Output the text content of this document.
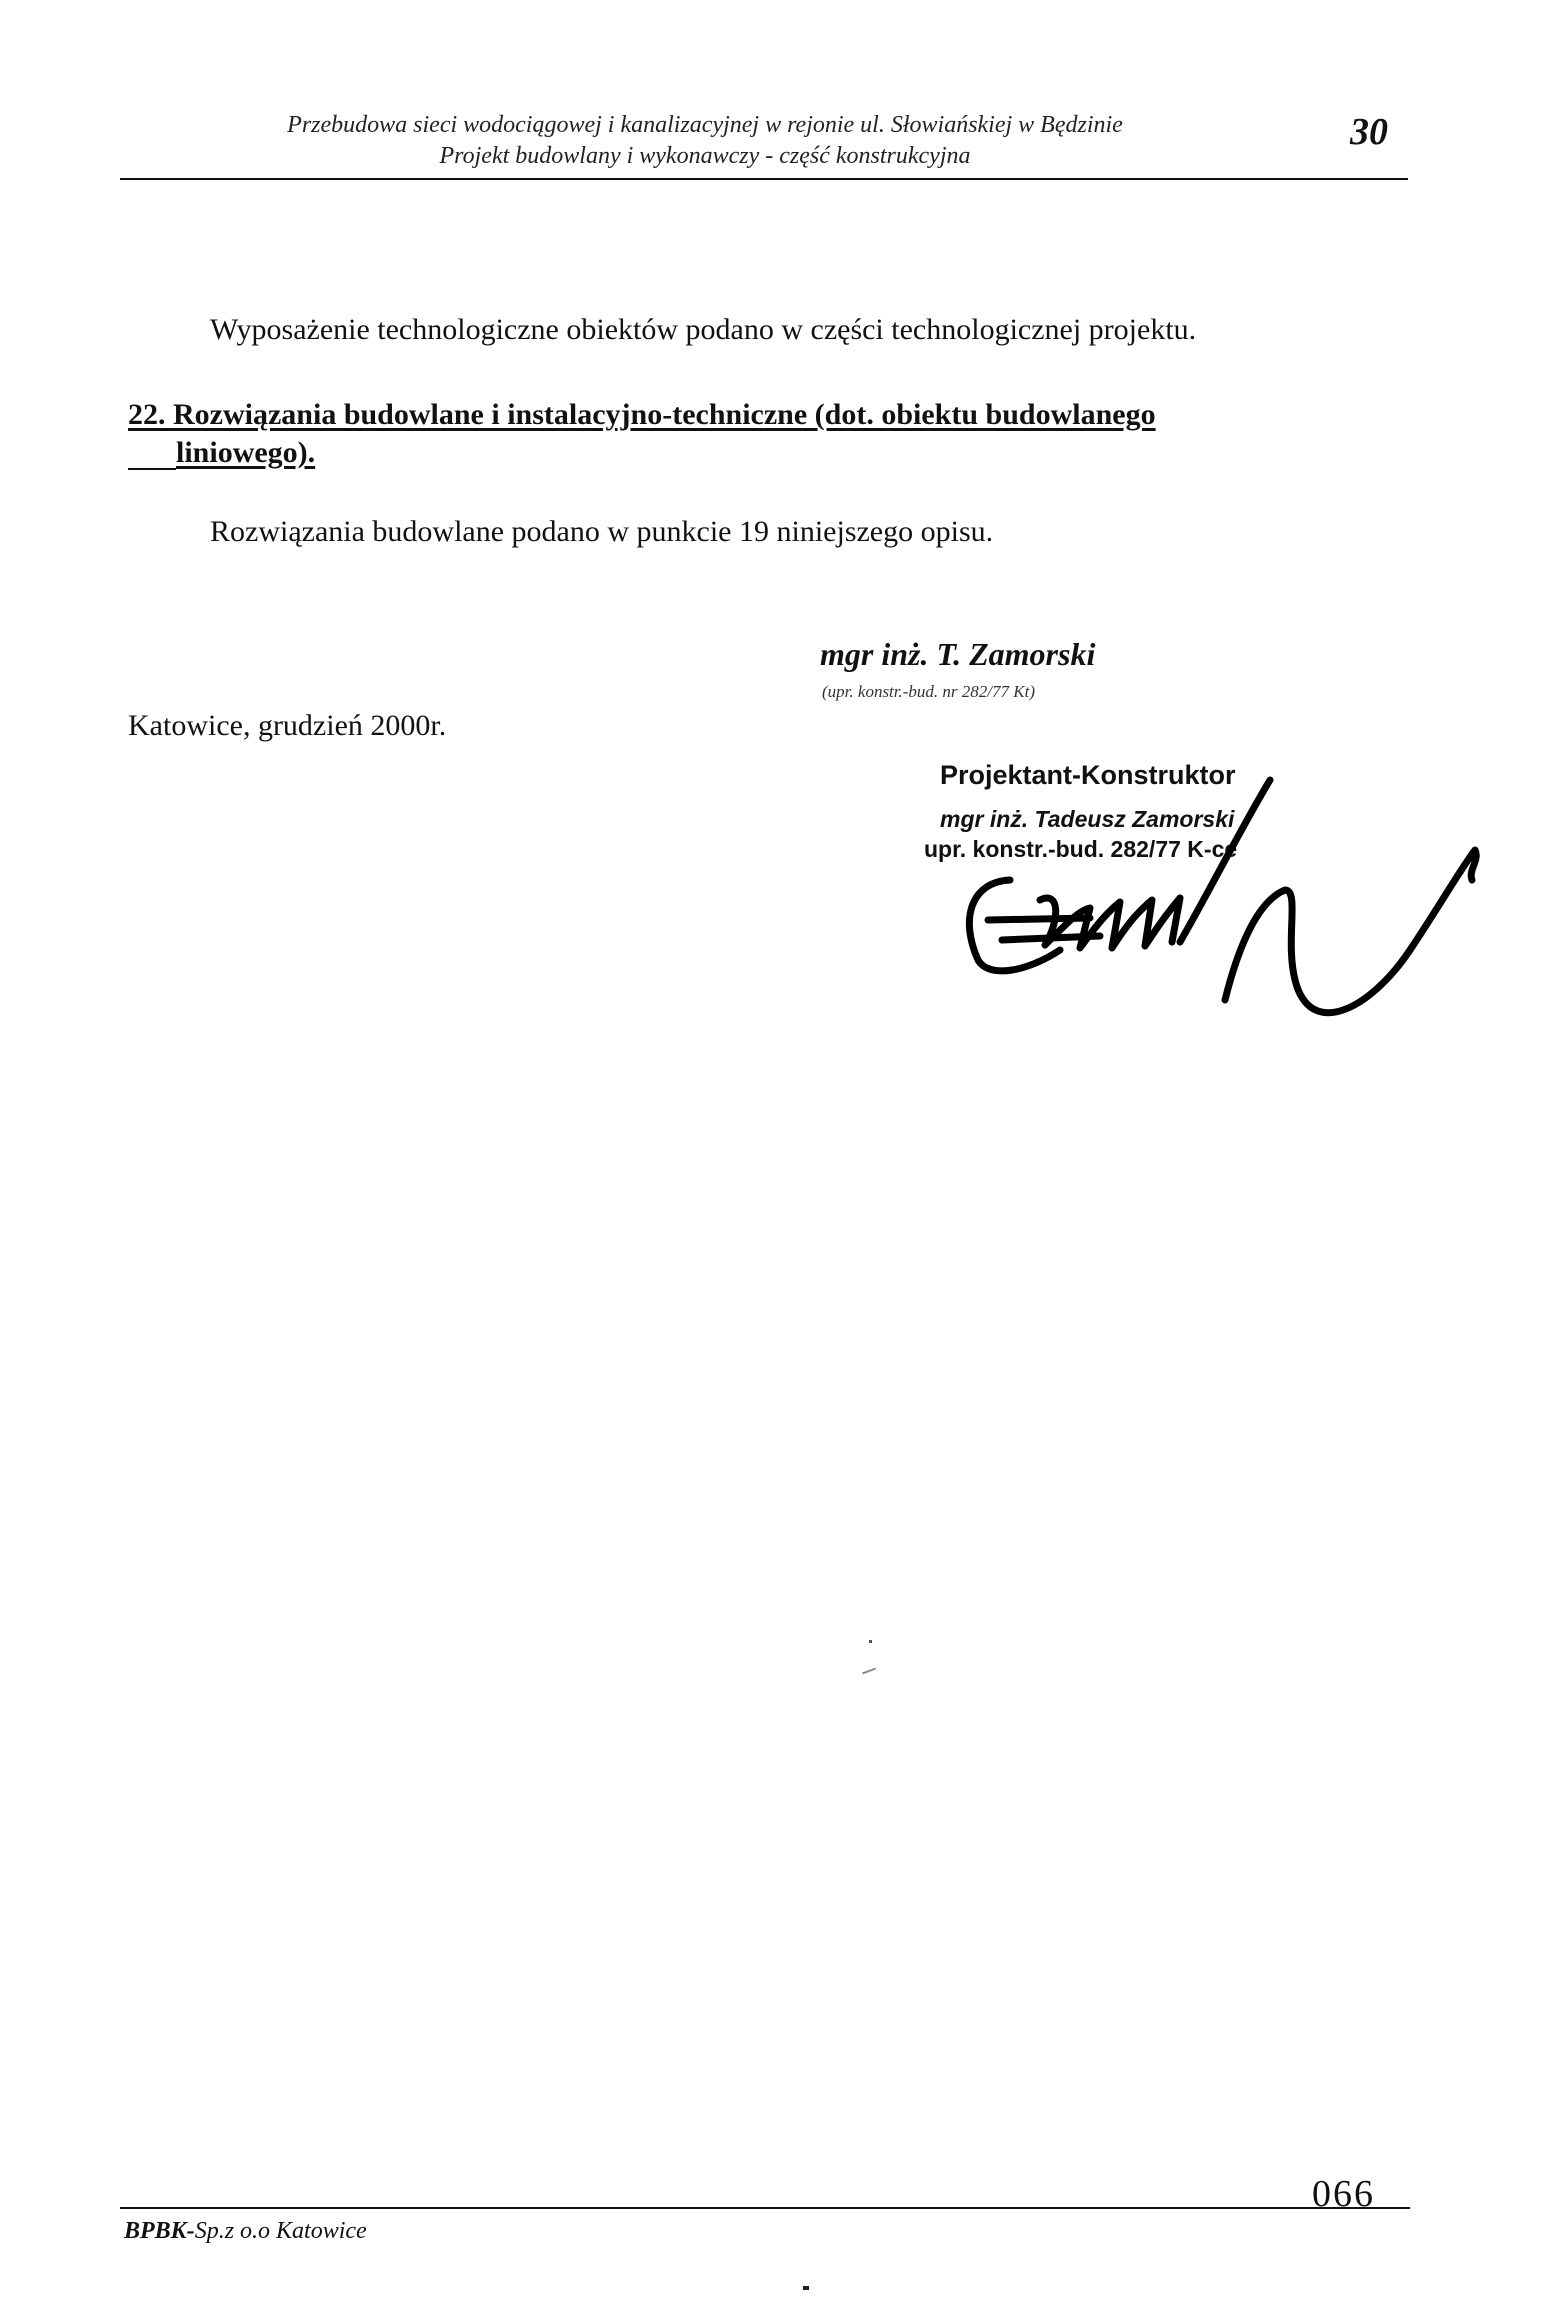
Przebudowa sieci wodociągowej i kanalizacyjnej w rejonie ul. Słowiańskiej w Będzinie
Projekt budowlany i wykonawczy - część konstrukcyjna
30
Wyposażenie technologiczne obiektów podano w części technologicznej projektu.
22. Rozwiązania budowlane i instalacyjno-techniczne (dot. obiektu budowlanego
liniowego).
Rozwiązania budowlane podano w punkcie 19 niniejszego opisu.
mgr inż. T. Zamorski
(upr. konstr.-bud. nr 282/77 Kt)
Katowice, grudzień 2000r.
Projektant-Konstruktor
mgr inż. Tadeusz Zamorski
upr. konstr.-bud. 282/77 K-ce
BPBK-Sp.z o.o Katowice
066
